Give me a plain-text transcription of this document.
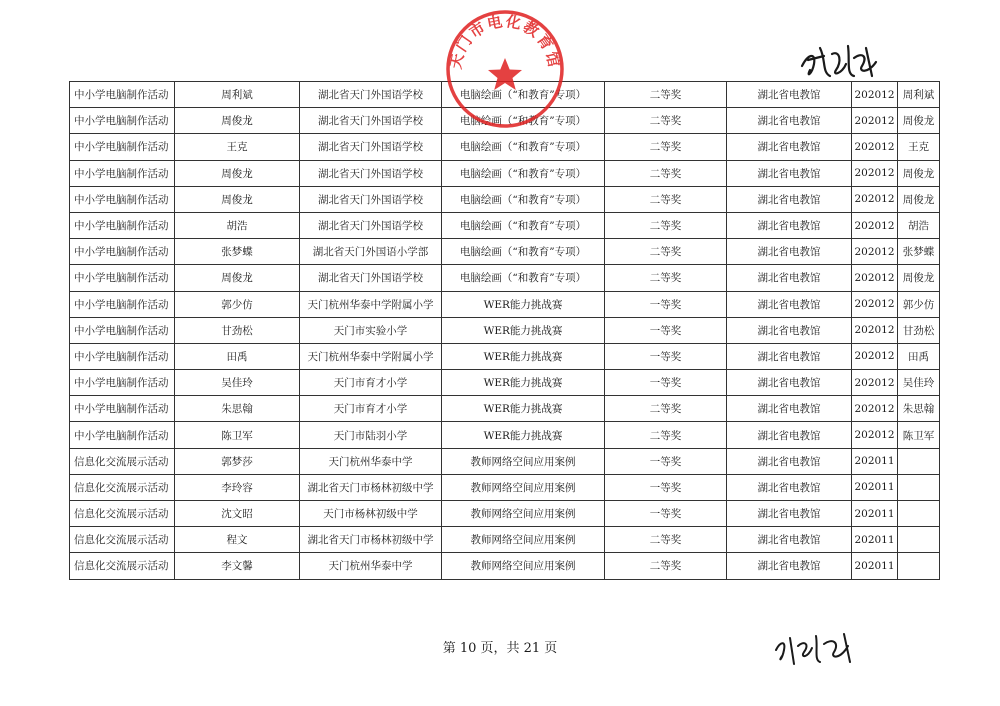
中小学电脑制作活动	周利斌	湖北省天门外国语学校	电脑绘画（“和教育”专项）	二等奖	湖北省电教馆	202012	周利斌
中小学电脑制作活动	周俊龙	湖北省天门外国语学校	电脑绘画（“和教育”专项）	二等奖	湖北省电教馆	202012	周俊龙
中小学电脑制作活动	王克	湖北省天门外国语学校	电脑绘画（“和教育”专项）	二等奖	湖北省电教馆	202012	王克
中小学电脑制作活动	周俊龙	湖北省天门外国语学校	电脑绘画（“和教育”专项）	二等奖	湖北省电教馆	202012	周俊龙
中小学电脑制作活动	周俊龙	湖北省天门外国语学校	电脑绘画（“和教育”专项）	二等奖	湖北省电教馆	202012	周俊龙
中小学电脑制作活动	胡浩	湖北省天门外国语学校	电脑绘画（“和教育”专项）	二等奖	湖北省电教馆	202012	胡浩
中小学电脑制作活动	张梦蝶	湖北省天门外国语小学部	电脑绘画（“和教育”专项）	二等奖	湖北省电教馆	202012	张梦蝶
中小学电脑制作活动	周俊龙	湖北省天门外国语学校	电脑绘画（“和教育”专项）	二等奖	湖北省电教馆	202012	周俊龙
中小学电脑制作活动	郭少仿	天门杭州华泰中学附属小学	WER能力挑战赛	一等奖	湖北省电教馆	202012	郭少仿
中小学电脑制作活动	甘劲松	天门市实验小学	WER能力挑战赛	一等奖	湖北省电教馆	202012	甘劲松
中小学电脑制作活动	田禹	天门杭州华泰中学附属小学	WER能力挑战赛	一等奖	湖北省电教馆	202012	田禹
中小学电脑制作活动	吴佳玲	天门市育才小学	WER能力挑战赛	一等奖	湖北省电教馆	202012	吴佳玲
中小学电脑制作活动	朱思翰	天门市育才小学	WER能力挑战赛	二等奖	湖北省电教馆	202012	朱思翰
中小学电脑制作活动	陈卫军	天门市陆羽小学	WER能力挑战赛	二等奖	湖北省电教馆	202012	陈卫军
信息化交流展示活动	郭梦莎	天门杭州华泰中学	教师网络空间应用案例	一等奖	湖北省电教馆	202011	
信息化交流展示活动	李玲容	湖北省天门市杨林初级中学	教师网络空间应用案例	一等奖	湖北省电教馆	202011	
信息化交流展示活动	沈文昭	天门市杨林初级中学	教师网络空间应用案例	一等奖	湖北省电教馆	202011	
信息化交流展示活动	程文	湖北省天门市杨林初级中学	教师网络空间应用案例	二等奖	湖北省电教馆	202011	
信息化交流展示活动	李文馨	天门杭州华泰中学	教师网络空间应用案例	二等奖	湖北省电教馆	202011	
天门市电化教育馆
第 10 页，共 21 页
